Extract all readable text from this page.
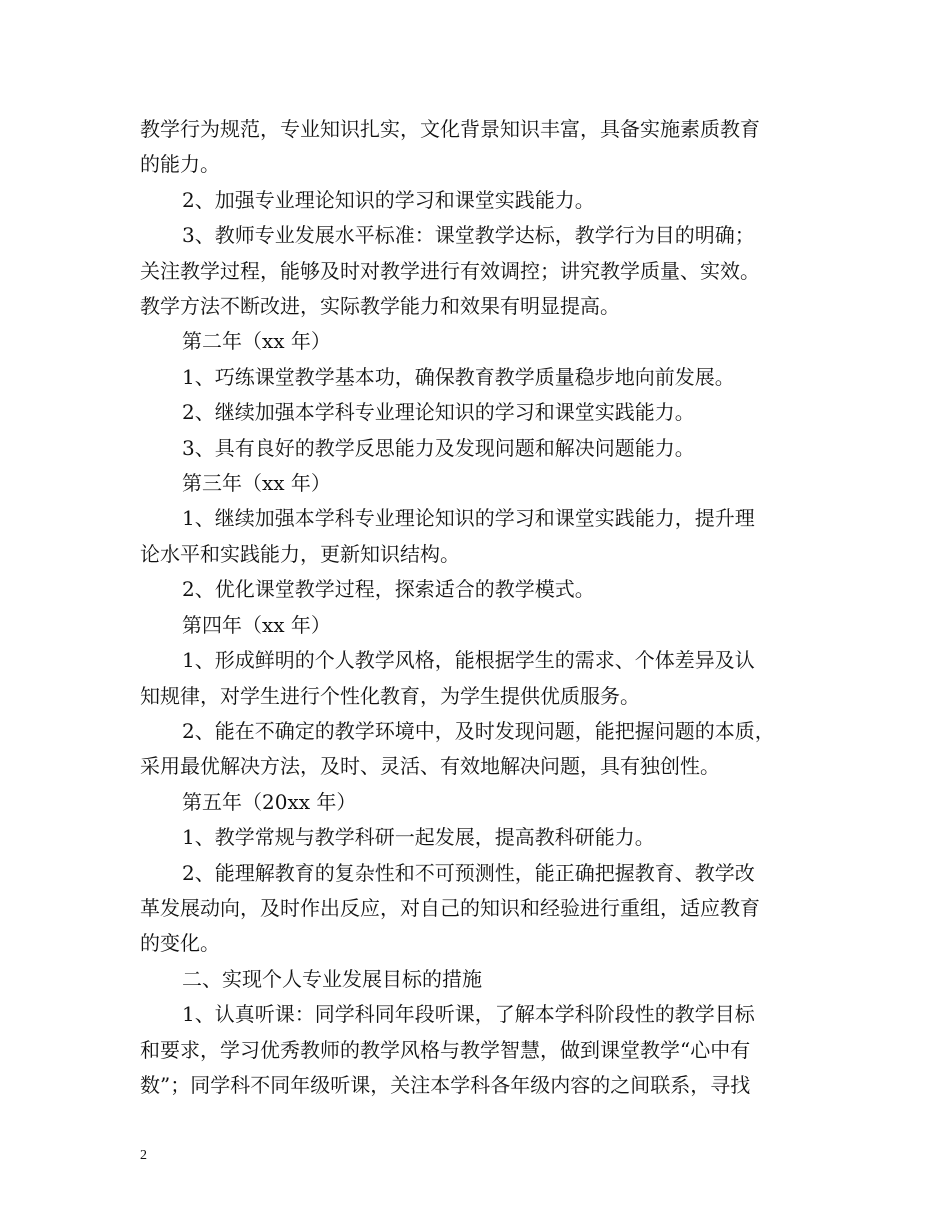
教学行为规范，专业知识扎实，文化背景知识丰富，具备实施素质教育

的能力。

2、加强专业理论知识的学习和课堂实践能力。

3、教师专业发展水平标准：课堂教学达标，教学行为目的明确；

关注教学过程，能够及时对教学进行有效调控；讲究教学质量、实效。

教学方法不断改进，实际教学能力和效果有明显提高。

第二年（xx 年）

1、巧练课堂教学基本功，确保教育教学质量稳步地向前发展。

2、继续加强本学科专业理论知识的学习和课堂实践能力。

3、具有良好的教学反思能力及发现问题和解决问题能力。

第三年（xx 年）

1、继续加强本学科专业理论知识的学习和课堂实践能力，提升理

论水平和实践能力，更新知识结构。

2、优化课堂教学过程，探索适合的教学模式。

第四年（xx 年）

1、形成鲜明的个人教学风格，能根据学生的需求、个体差异及认

知规律，对学生进行个性化教育，为学生提供优质服务。

2、能在不确定的教学环境中，及时发现问题，能把握问题的本质，

采用最优解决方法，及时、灵活、有效地解决问题，具有独创性。

第五年（20xx 年）

1、教学常规与教学科研一起发展，提高教科研能力。

2、能理解教育的复杂性和不可预测性，能正确把握教育、教学改

革发展动向，及时作出反应，对自己的知识和经验进行重组，适应教育

的变化。

二、实现个人专业发展目标的措施

1、认真听课：同学科同年段听课，了解本学科阶段性的教学目标

和要求，学习优秀教师的教学风格与教学智慧，做到课堂教学“心中有

数”；同学科不同年级听课，关注本学科各年级内容的之间联系，寻找

2
